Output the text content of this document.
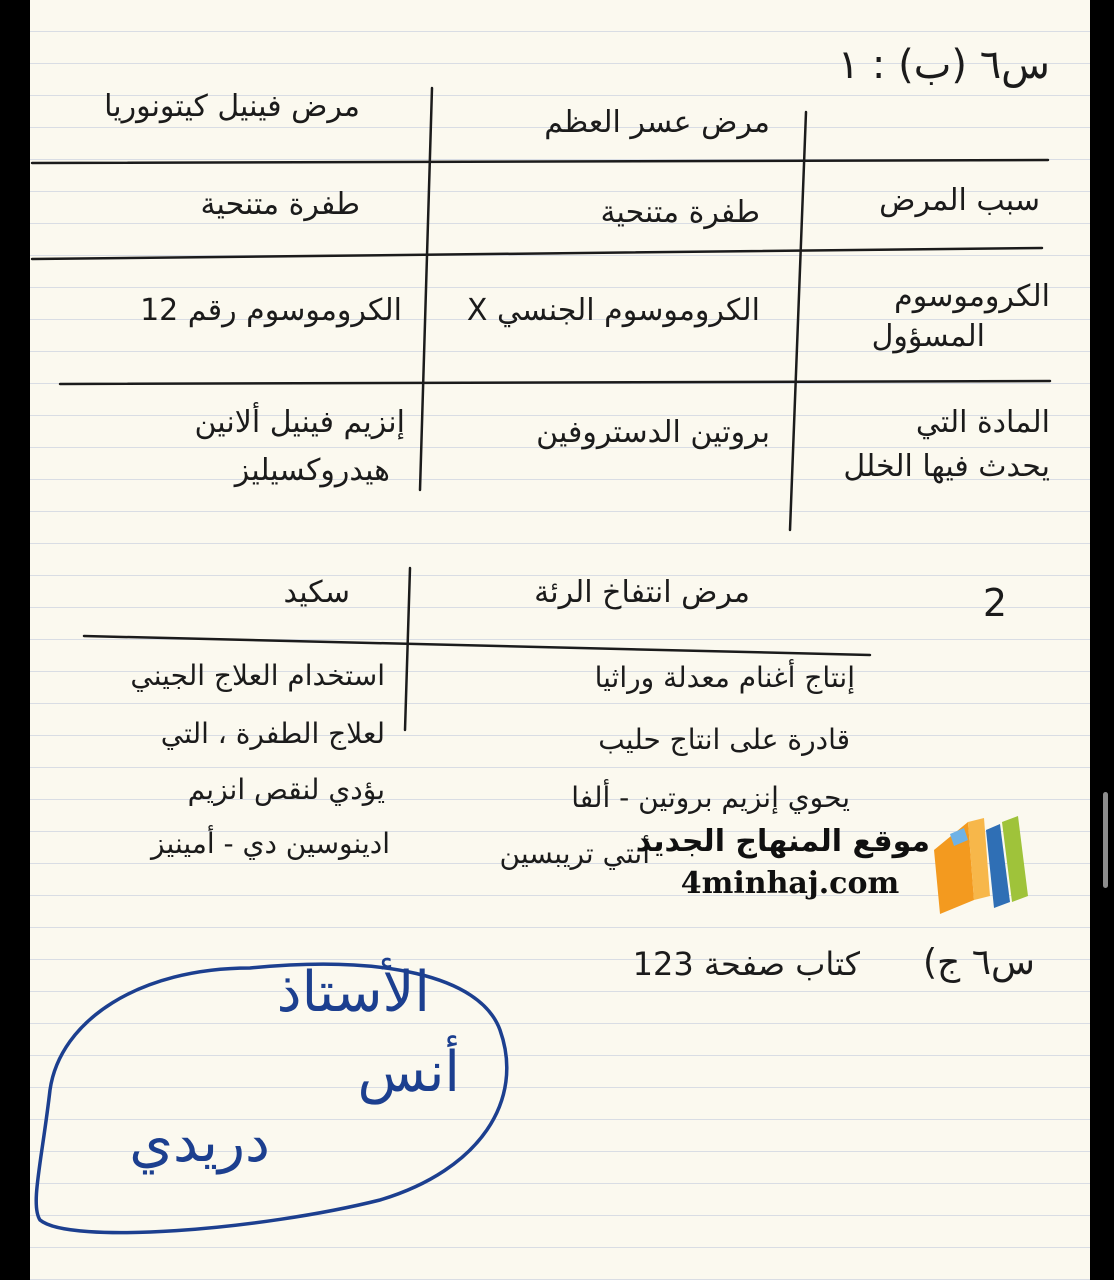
س٦ (ب) : ١
مرض عسر العظم
مرض فينيل كيتونوريا
سبب المرض
طفرة متنحية
طفرة متنحية
الكروموسوم
المسؤول
الكروموسوم الجنسي X
الكروموسوم رقم 12
المادة التي
يحدث فيها الخلل
بروتين الدستروفين
إنزيم فينيل ألانين
هيدروكسيليز
2
مرض انتفاخ الرئة
سكيد
إنتاج أغنام معدلة وراثيا
قادرة على انتاج حليب
يحوي إنزيم بروتين - ألفا
أنتي تريبسين
استخدام العلاج الجيني
لعلاج الطفرة ، التي
يؤدي لنقص انزيم
ادينوسين دي - أمينيز
س٦ ج)
كتاب صفحة 123
الأستاذ
أنس
دريدي
موقع المنهاج الجديد
4minhaj.com
